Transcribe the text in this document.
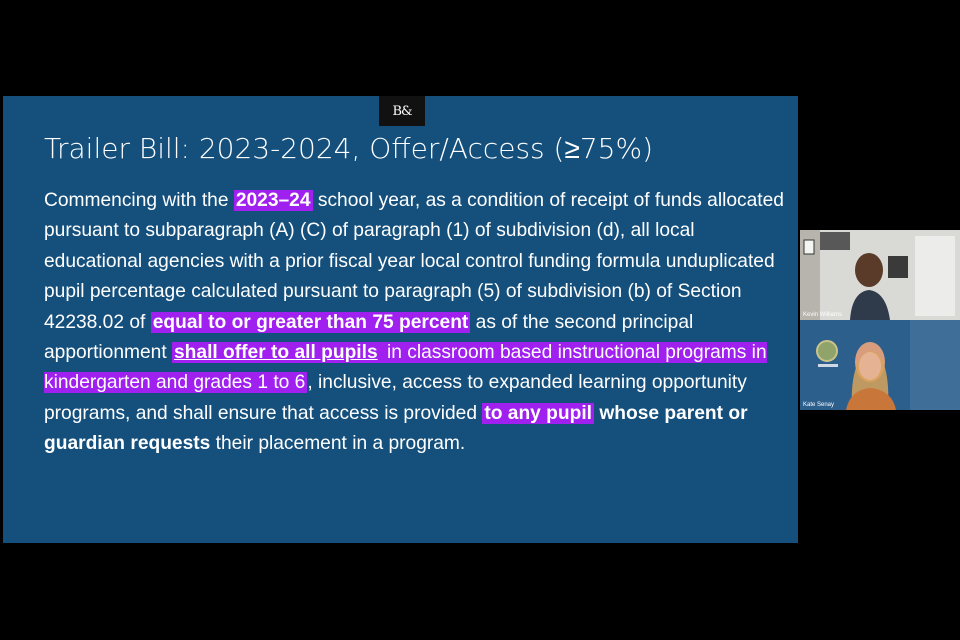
B&
Trailer Bill: 2023-2024, Offer/Access (≥75%)
Commencing with the 2023–24 school year, as a condition of receipt of funds allocated pursuant to subparagraph (A) (C) of paragraph (1) of subdivision (d), all local educational agencies with a prior fiscal year local control funding formula unduplicated pupil percentage calculated pursuant to paragraph (5) of subdivision (b) of Section 42238.02 of equal to or greater than 75 percent as of the second principal apportionment shall offer to all pupils in classroom based instructional programs in kindergarten and grades 1 to 6 , inclusive, access to expanded learning opportunity programs, and shall ensure that access is provided to any pupil whose parent or guardian requests their placement in a program.
Kevin Williams
Kate Senay
